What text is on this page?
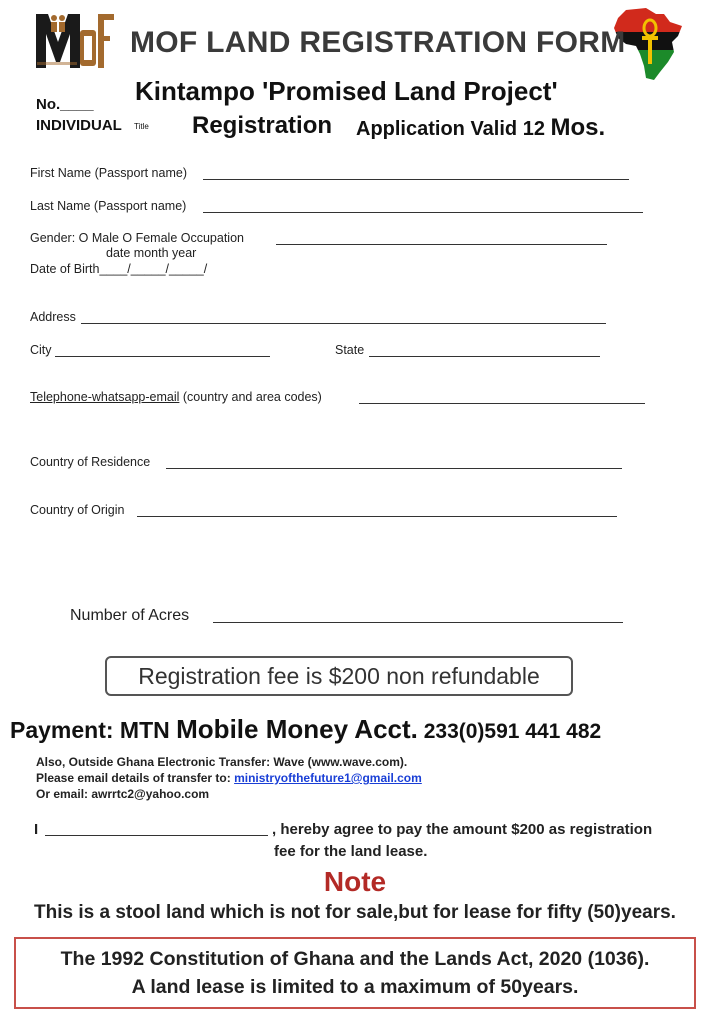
MOF LAND REGISTRATION FORM
Kintampo 'Promised Land Project'
No.____
INDIVIDUAL Title Registration Application Valid 12 Mos.
First Name (Passport name)
Last Name (Passport name)
Gender: O Male O Female Occupation
date month year
Date of Birth____/_____/_____/
Address
City	State
Telephone-whatsapp-email (country and area codes)
Country of Residence
Country of Origin
Number of Acres
Registration fee is $200 non refundable
Payment: MTN Mobile Money Acct. 233(0)591 441 482
Also, Outside Ghana Electronic Transfer: Wave (www.wave.com).
Please email details of transfer to: ministryofthefuture1@gmail.com
Or email: awrrtc2@yahoo.com
I	, hereby agree to pay the amount $200 as registration
fee for the land lease.
Note
This is a stool land which is not for sale,but for lease for fifty (50)years.
The 1992 Constitution of Ghana and the Lands Act, 2020 (1036).
A land lease is limited to a maximum of 50years.
